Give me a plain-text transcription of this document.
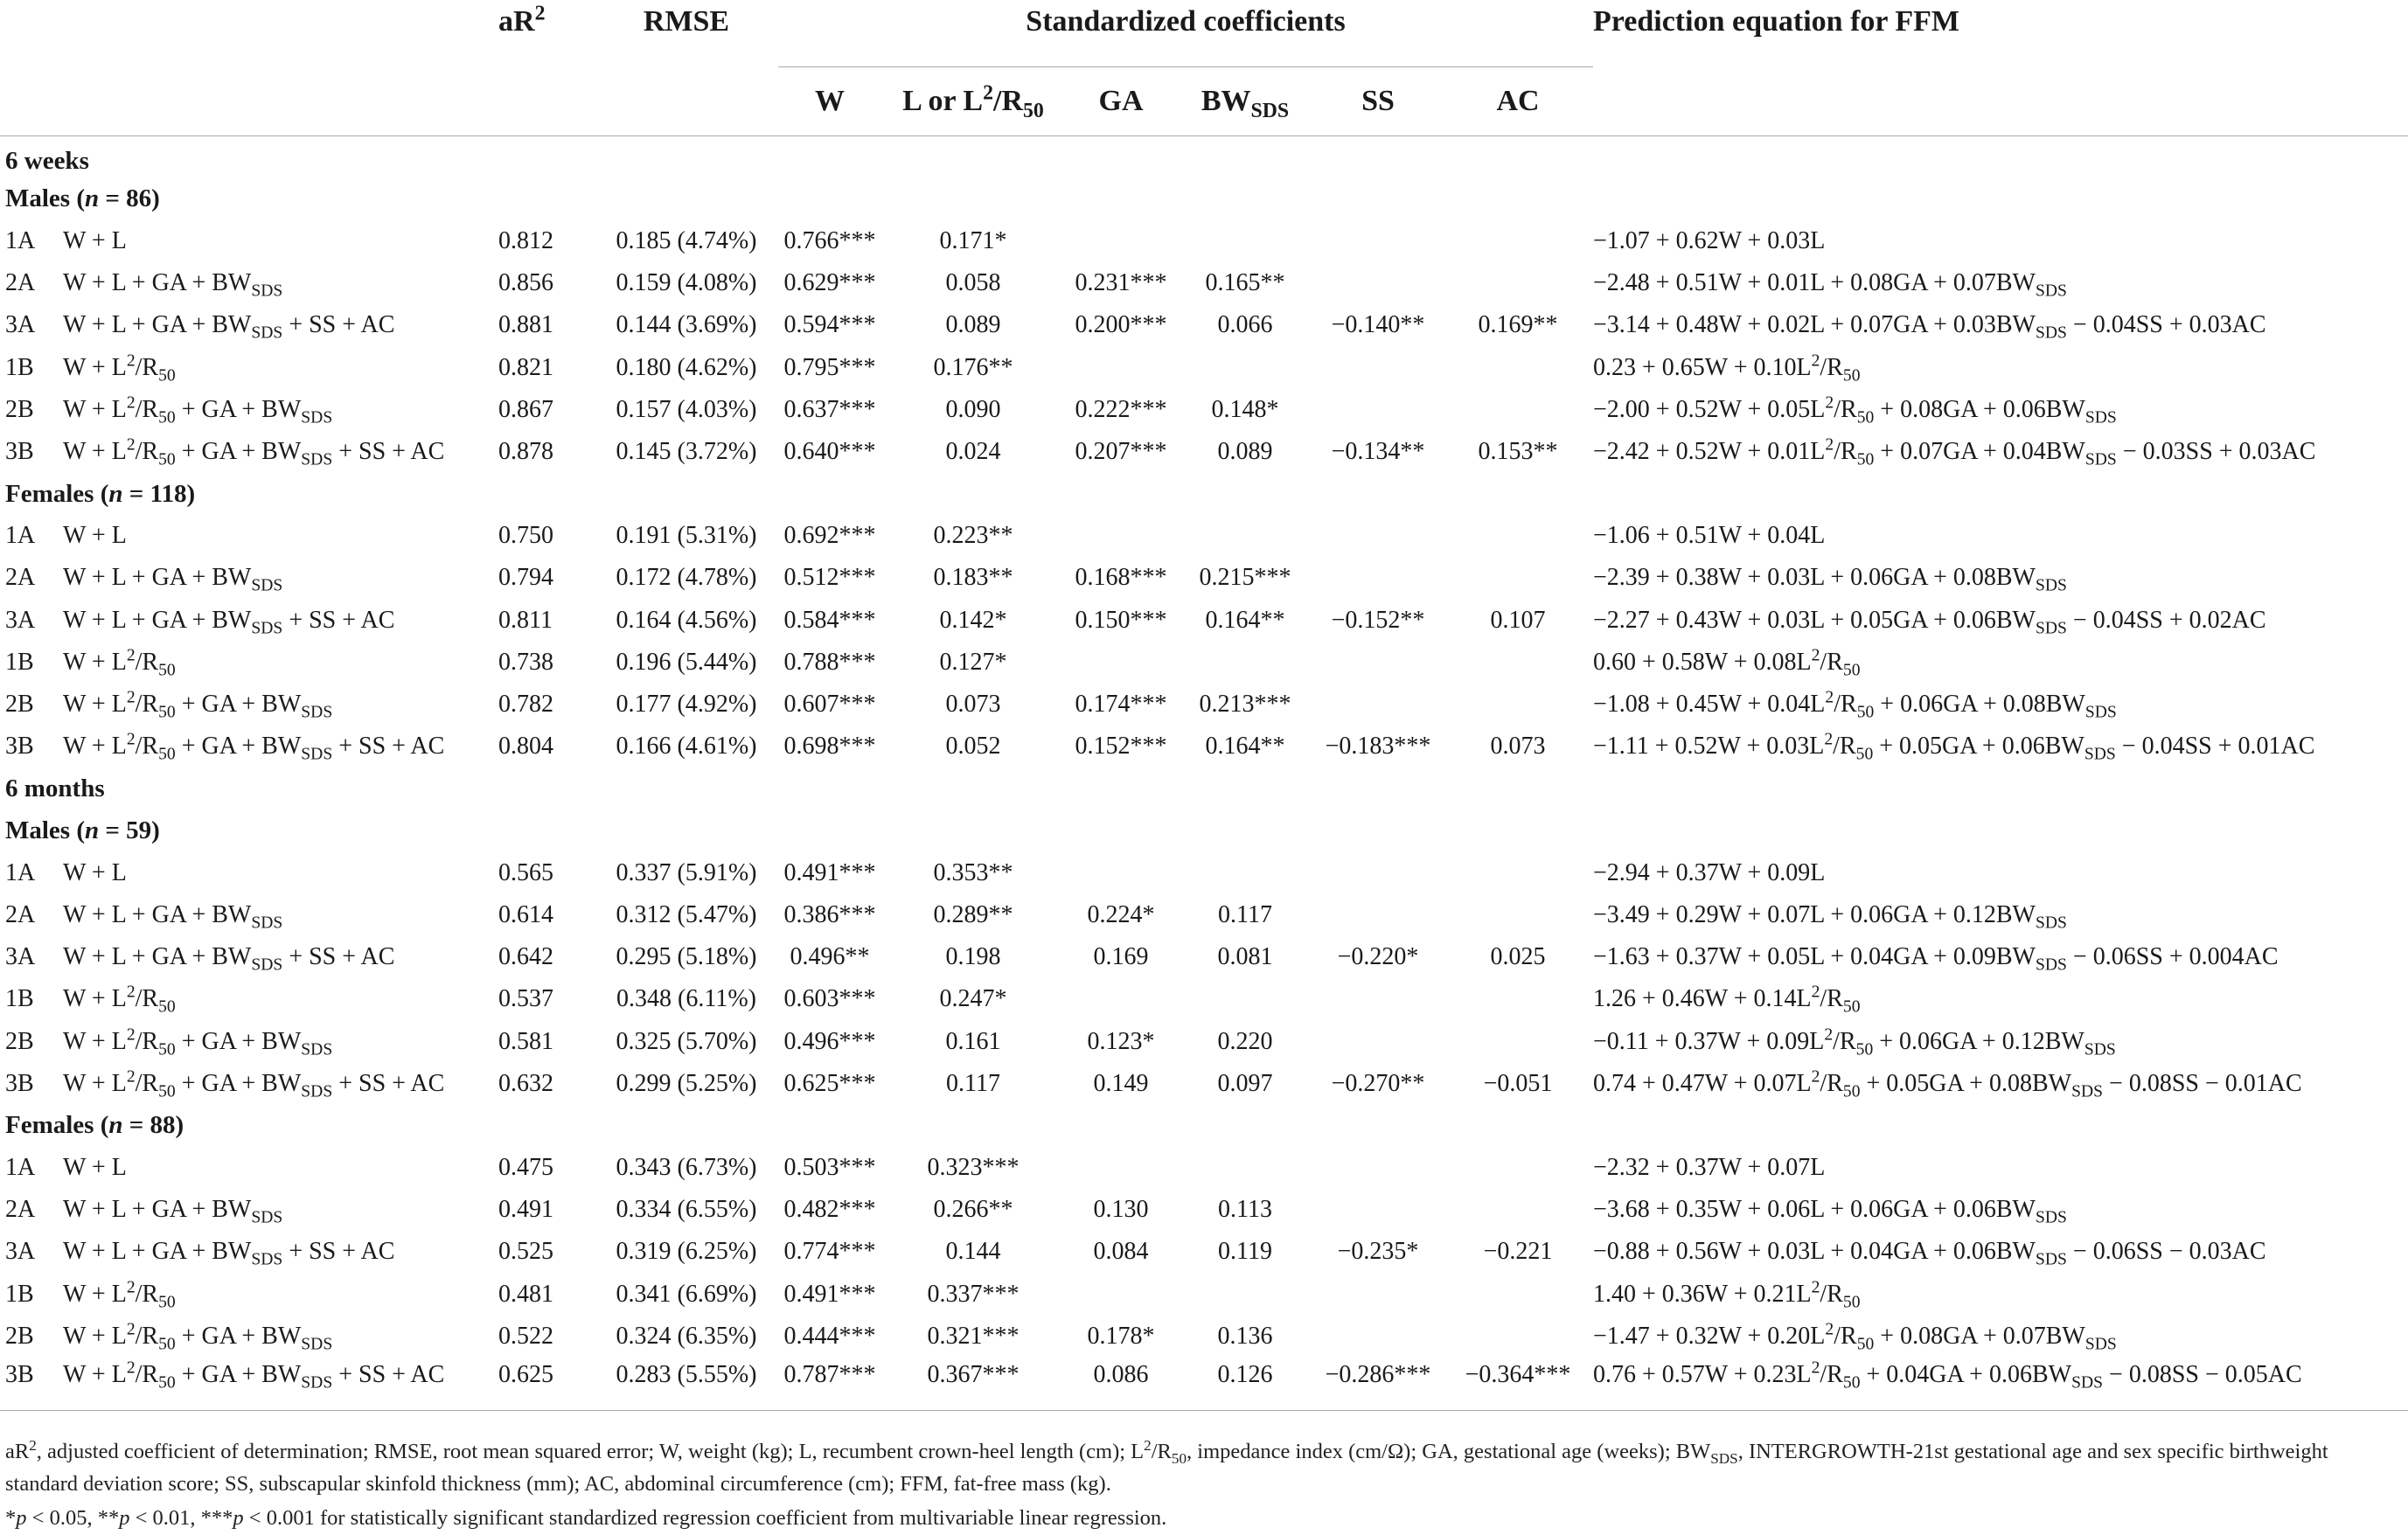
		$aR^2$	RMSE	Standardized coefficients						Prediction equation for FFM
				W	L or $L^2/R_{50}$	GA	$BW_{SDS}$	SS	AC	
6 weeks										
Males (n = 86)										
1A	W + L	0.812	0.185 (4.74%)	0.766***	0.171*					−1.07 + 0.62W + 0.03L
2A	W + L + GA + $BW_{SDS}$	0.856	0.159 (4.08%)	0.629***	0.058	0.231***	0.165**			$-2.48 + 0.51W + 0.01L + 0.08GA + 0.07BW_{SDS}$
3A	W + L + GA + $BW_{SDS}$ + SS + AC	0.881	0.144 (3.69%)	0.594***	0.089	0.200***	0.066	−0.140**	0.169**	$-3.14 + 0.48W + 0.02L + 0.07GA + 0.03BW_{SDS} - 0.04SS + 0.03AC$
1B	$W + L^2/R_{50}$	0.821	0.180 (4.62%)	0.795***	0.176**					$0.23 + 0.65W + 0.10L^2/R_{50}$
2B	$W + L^2/R_{50}$ + GA + $BW_{SDS}$	0.867	0.157 (4.03%)	0.637***	0.090	0.222***	0.148*			$-2.00 + 0.52W + 0.05L^2/R_{50} + 0.08GA + 0.06BW_{SDS}$
3B	$W + L^2/R_{50}$ + GA + $BW_{SDS}$ + SS + AC	0.878	0.145 (3.72%)	0.640***	0.024	0.207***	0.089	−0.134**	0.153**	$-2.42 + 0.52W + 0.01L^2/R_{50} + 0.07GA + 0.04BW_{SDS} - 0.03SS + 0.03AC$
Females (n = 118)										
1A	W + L	0.750	0.191 (5.31%)	0.692***	0.223**					−1.06 + 0.51W + 0.04L
2A	W + L + GA + $BW_{SDS}$	0.794	0.172 (4.78%)	0.512***	0.183**	0.168***	0.215***			$-2.39 + 0.38W + 0.03L + 0.06GA + 0.08BW_{SDS}$
3A	W + L + GA + $BW_{SDS}$ + SS + AC	0.811	0.164 (4.56%)	0.584***	0.142*	0.150***	0.164**	−0.152**	0.107	$-2.27 + 0.43W + 0.03L + 0.05GA + 0.06BW_{SDS} - 0.04SS + 0.02AC$
1B	$W + L^2/R_{50}$	0.738	0.196 (5.44%)	0.788***	0.127*					$0.60 + 0.58W + 0.08L^2/R_{50}$
2B	$W + L^2/R_{50}$ + GA + $BW_{SDS}$	0.782	0.177 (4.92%)	0.607***	0.073	0.174***	0.213***			$-1.08 + 0.45W + 0.04L^2/R_{50} + 0.06GA + 0.08BW_{SDS}$
3B	$W + L^2/R_{50}$ + GA + $BW_{SDS}$ + SS + AC	0.804	0.166 (4.61%)	0.698***	0.052	0.152***	0.164**	−0.183***	0.073	$-1.11 + 0.52W + 0.03L^2/R_{50} + 0.05GA + 0.06BW_{SDS} - 0.04SS + 0.01AC$
6 months										
Males (n = 59)										
1A	W + L	0.565	0.337 (5.91%)	0.491***	0.353**					−2.94 + 0.37W + 0.09L
2A	W + L + GA + $BW_{SDS}$	0.614	0.312 (5.47%)	0.386***	0.289**	0.224*	0.117			$-3.49 + 0.29W + 0.07L + 0.06GA + 0.12BW_{SDS}$
3A	W + L + GA + $BW_{SDS}$ + SS + AC	0.642	0.295 (5.18%)	0.496**	0.198	0.169	0.081	−0.220*	0.025	$-1.63 + 0.37W + 0.05L + 0.04GA + 0.09BW_{SDS} - 0.06SS + 0.004AC$
1B	$W + L^2/R_{50}$	0.537	0.348 (6.11%)	0.603***	0.247*					$1.26 + 0.46W + 0.14L^2/R_{50}$
2B	$W + L^2/R_{50}$ + GA + $BW_{SDS}$	0.581	0.325 (5.70%)	0.496***	0.161	0.123*	0.220			$-0.11 + 0.37W + 0.09L^2/R_{50} + 0.06GA + 0.12BW_{SDS}$
3B	$W + L^2/R_{50}$ + GA + $BW_{SDS}$ + SS + AC	0.632	0.299 (5.25%)	0.625***	0.117	0.149	0.097	−0.270**	−0.051	$0.74 + 0.47W + 0.07L^2/R_{50} + 0.05GA + 0.08BW_{SDS} - 0.08SS - 0.01AC$
Females (n = 88)										
1A	W + L	0.475	0.343 (6.73%)	0.503***	0.323***					−2.32 + 0.37W + 0.07L
2A	W + L + GA + $BW_{SDS}$	0.491	0.334 (6.55%)	0.482***	0.266**	0.130	0.113			$-3.68 + 0.35W + 0.06L + 0.06GA + 0.06BW_{SDS}$
3A	W + L + GA + $BW_{SDS}$ + SS + AC	0.525	0.319 (6.25%)	0.774***	0.144	0.084	0.119	−0.235*	−0.221	$-0.88 + 0.56W + 0.03L + 0.04GA + 0.06BW_{SDS} - 0.06SS - 0.03AC$
1B	$W + L^2/R_{50}$	0.481	0.341 (6.69%)	0.491***	0.337***					$1.40 + 0.36W + 0.21L^2/R_{50}$
2B	$W + L^2/R_{50}$ + GA + $BW_{SDS}$	0.522	0.324 (6.35%)	0.444***	0.321***	0.178*	0.136			$-1.47 + 0.32W + 0.20L^2/R_{50} + 0.08GA + 0.07BW_{SDS}$
3B	$W + L^2/R_{50}$ + GA + $BW_{SDS}$ + SS + AC	0.625	0.283 (5.55%)	0.787***	0.367***	0.086	0.126	−0.286***	−0.364***	$0.76 + 0.57W + 0.23L^2/R_{50} + 0.04GA + 0.06BW_{SDS} - 0.08SS - 0.05AC$
$aR^2$, adjusted coefficient of determination; RMSE, root mean squared error; W, weight (kg); L, recumbent crown-heel length (cm); $L^2/R_{50}$, impedance index (cm/Ω); GA, gestational age (weeks); $BW_{SDS}$, INTERGROWTH-21st gestational age and sex specific birthweight standard deviation score; SS, subscapular skinfold thickness (mm); AC, abdominal circumference (cm); FFM, fat-free mass (kg).
*p < 0.05, **p < 0.01, ***p < 0.001 for statistically significant standardized regression coefficient from multivariable linear regression.
